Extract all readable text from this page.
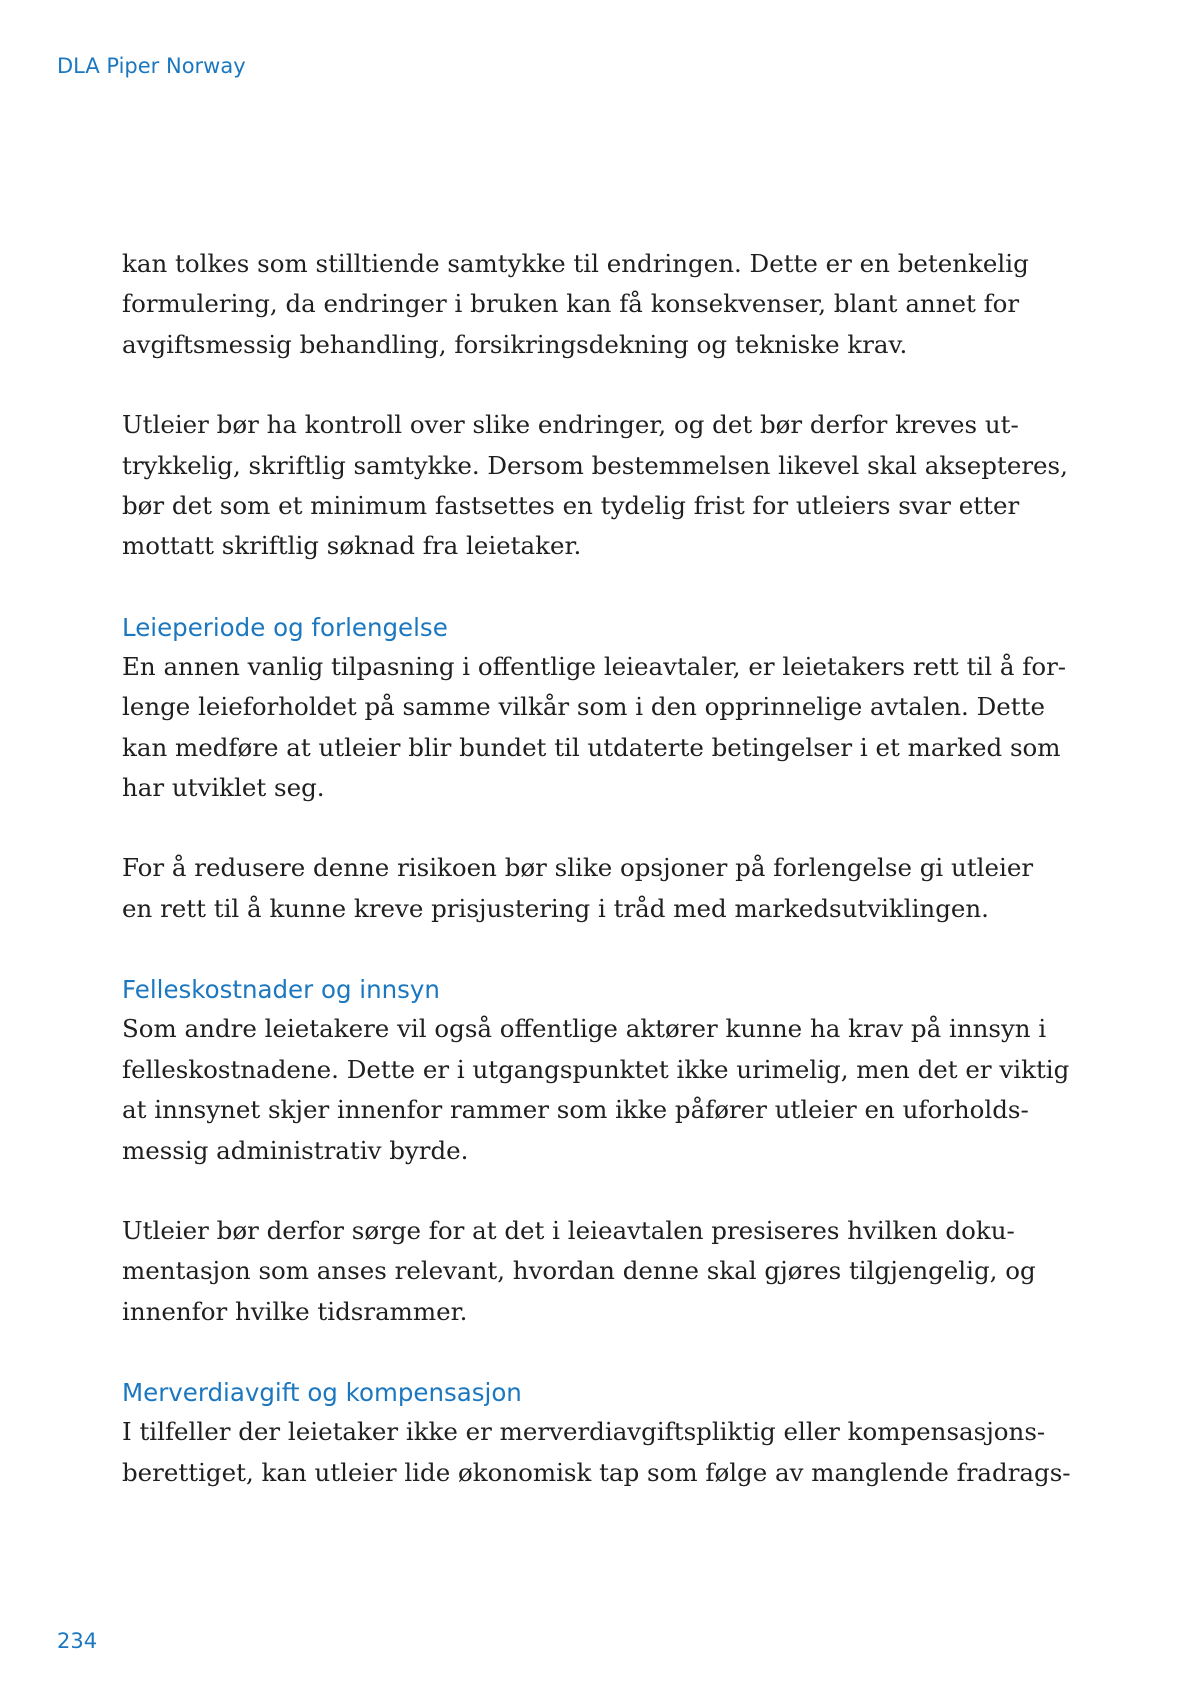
DLA Piper Norway

kan tolkes som stilltiende samtykke til endringen. Dette er en betenkelig
formulering, da endringer i bruken kan få konsekvenser, blant annet for
avgiftsmessig behandling, forsikringsdekning og tekniske krav.

Utleier bør ha kontroll over slike endringer, og det bør derfor kreves ut-
trykkelig, skriftlig samtykke. Dersom bestemmelsen likevel skal aksepteres,
bør det som et minimum fastsettes en tydelig frist for utleiers svar etter
mottatt skriftlig søknad fra leietaker.

Leieperiode og forlengelse

En annen vanlig tilpasning i offentlige leieavtaler, er leietakers rett til å for-
lenge leieforholdet på samme vilkår som i den opprinnelige avtalen. Dette
kan medføre at utleier blir bundet til utdaterte betingelser i et marked som
har utviklet seg.

For å redusere denne risikoen bør slike opsjoner på forlengelse gi utleier
en rett til å kunne kreve prisjustering i tråd med markedsutviklingen.

Felleskostnader og innsyn

Som andre leietakere vil også offentlige aktører kunne ha krav på innsyn i
felleskostnadene. Dette er i utgangspunktet ikke urimelig, men det er viktig
at innsynet skjer innenfor rammer som ikke påfører utleier en uforholds-
messig administrativ byrde.

Utleier bør derfor sørge for at det i leieavtalen presiseres hvilken doku-
mentasjon som anses relevant, hvordan denne skal gjøres tilgjengelig, og
innenfor hvilke tidsrammer.

Merverdiavgift og kompensasjon

I tilfeller der leietaker ikke er merverdiavgiftspliktig eller kompensasjons-
berettiget, kan utleier lide økonomisk tap som følge av manglende fradrags-

234
